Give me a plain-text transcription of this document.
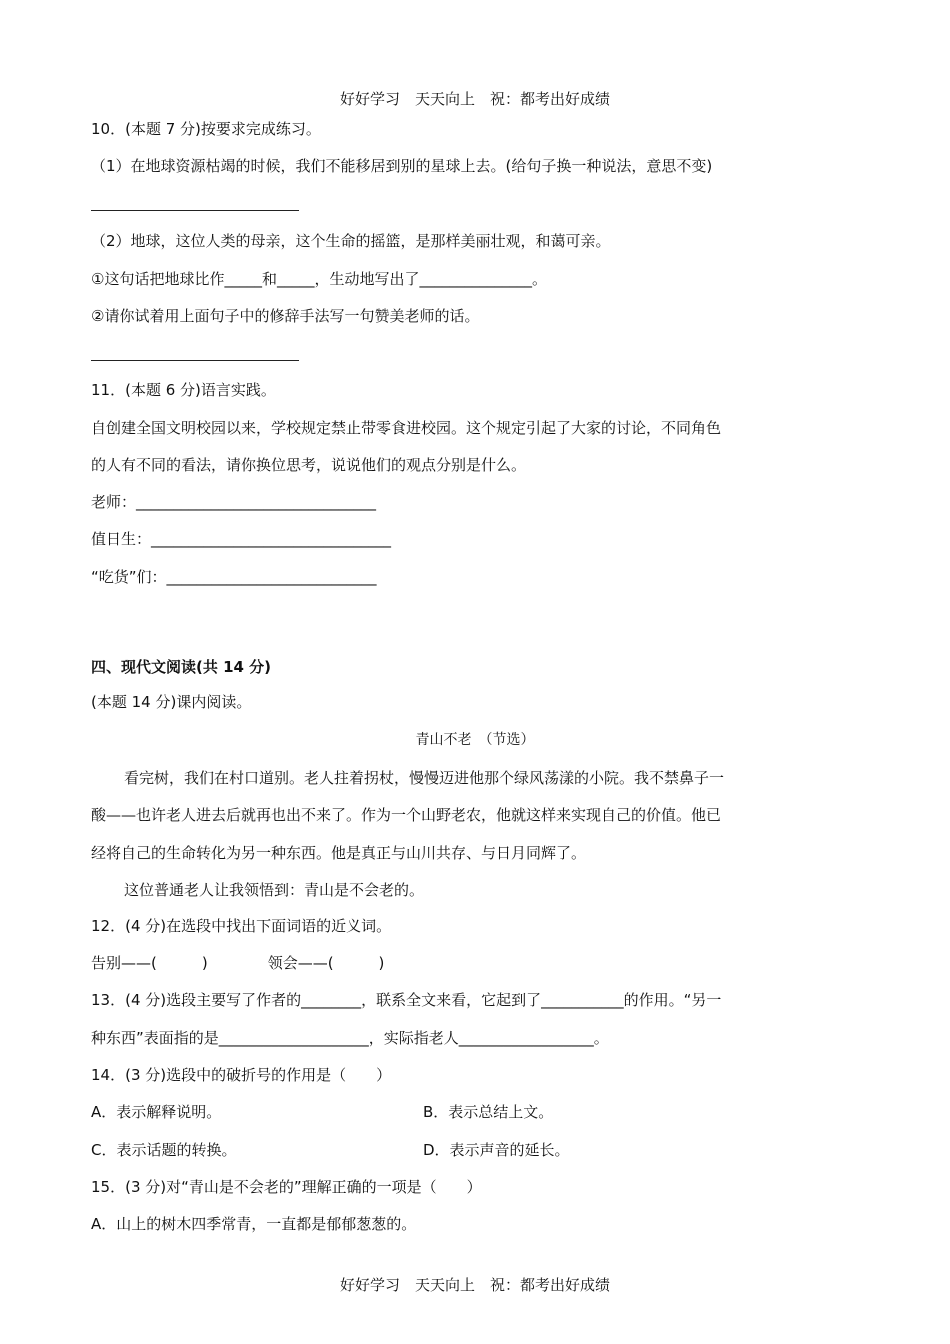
好好学习　天天向上　祝：都考出好成绩
10．(本题 7 分)按要求完成练习。
（1）在地球资源枯竭的时候，我们不能移居到别的星球上去。(给句子换一种说法，意思不变)
（2）地球，这位人类的母亲，这个生命的摇篮，是那样美丽壮观，和蔼可亲。
①这句话把地球比作_____和_____，生动地写出了_______________。
②请你试着用上面句子中的修辞手法写一句赞美老师的话。
11．(本题 6 分)语言实践。
自创建全国文明校园以来，学校规定禁止带零食进校园。这个规定引起了大家的讨论，不同角色
的人有不同的看法，请你换位思考，说说他们的观点分别是什么。
老师：________________________________
值日生：________________________________
“吃货”们：____________________________
四、现代文阅读(共 14 分)
(本题 14 分)课内阅读。
青山不老　（节选）
看完树，我们在村口道别。老人拄着拐杖，慢慢迈进他那个绿风荡漾的小院。我不禁鼻子一
酸——也许老人进去后就再也出不来了。作为一个山野老农，他就这样来实现自己的价值。他已
经将自己的生命转化为另一种东西。他是真正与山川共存、与日月同辉了。
这位普通老人让我领悟到：青山是不会老的。
12．(4 分)在选段中找出下面词语的近义词。
告别——(　　　)　　　　领会——(　　　)
13．(4 分)选段主要写了作者的________，联系全文来看，它起到了___________的作用。“另一
种东西”表面指的是____________________，实际指老人__________________。
14．(3 分)选段中的破折号的作用是（　　）
A．表示解释说明。	B．表示总结上文。
C．表示话题的转换。	D．表示声音的延长。
15．(3 分)对“青山是不会老的”理解正确的一项是（　　）
A．山上的树木四季常青，一直都是郁郁葱葱的。
好好学习　天天向上　祝：都考出好成绩
